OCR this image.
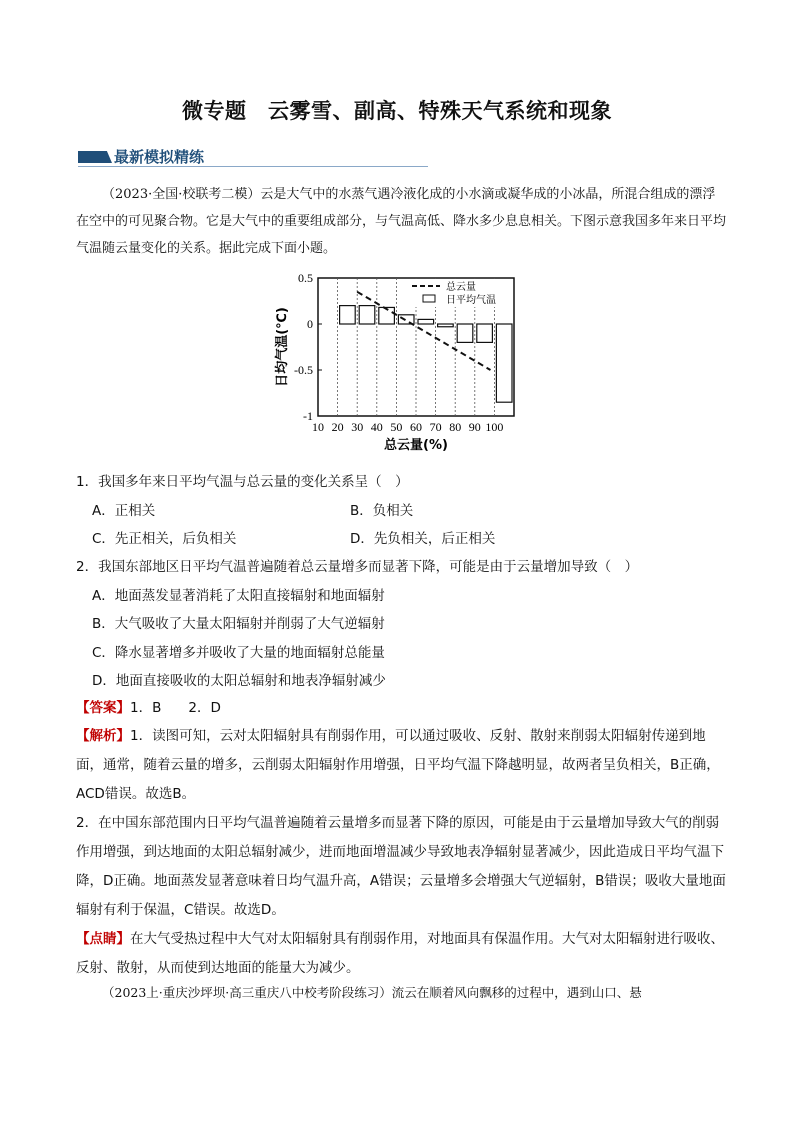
微专题　云雾雪、副高、特殊天气系统和现象
最新模拟精练
（2023·全国·校联考二模）云是大气中的水蒸气遇冷液化成的小水滴或凝华成的小冰晶，所混合组成的漂浮在空中的可见聚合物。它是大气中的重要组成部分，与气温高低、降水多少息息相关。下图示意我国多年来日平均气温随云量变化的关系。据此完成下面小题。
0.5
0
-0.5
-1
10 20 30 40 50 60 70 80 90 100
总云量
日平均气温
总云量(%)
日均气温(℃)
1．我国多年来日平均气温与总云量的变化关系呈（　）
A．正相关	B．负相关
C．先正相关，后负相关	D．先负相关，后正相关
2．我国东部地区日平均气温普遍随着总云量增多而显著下降，可能是由于云量增加导致（　）
A．地面蒸发显著消耗了太阳直接辐射和地面辐射
B．大气吸收了大量太阳辐射并削弱了大气逆辐射
C．降水显著增多并吸收了大量的地面辐射总能量
D．地面直接吸收的太阳总辐射和地表净辐射减少
【答案】1．B　　2．D
【解析】1．读图可知，云对太阳辐射具有削弱作用，可以通过吸收、反射、散射来削弱太阳辐射传递到地面，通常，随着云量的增多，云削弱太阳辐射作用增强，日平均气温下降越明显，故两者呈负相关，B正确，ACD错误。故选B。
2．在中国东部范围内日平均气温普遍随着云量增多而显著下降的原因，可能是由于云量增加导致大气的削弱作用增强，到达地面的太阳总辐射减少，进而地面增温减少导致地表净辐射显著减少，因此造成日平均气温下降，D正确。地面蒸发显著意味着日均气温升高，A错误；云量增多会增强大气逆辐射，B错误；吸收大量地面辐射有利于保温，C错误。故选D。
【点睛】在大气受热过程中大气对太阳辐射具有削弱作用，对地面具有保温作用。大气对太阳辐射进行吸收、反射、散射，从而使到达地面的能量大为减少。
（2023上·重庆沙坪坝·高三重庆八中校考阶段练习）流云在顺着风向飘移的过程中，遇到山口、悬
